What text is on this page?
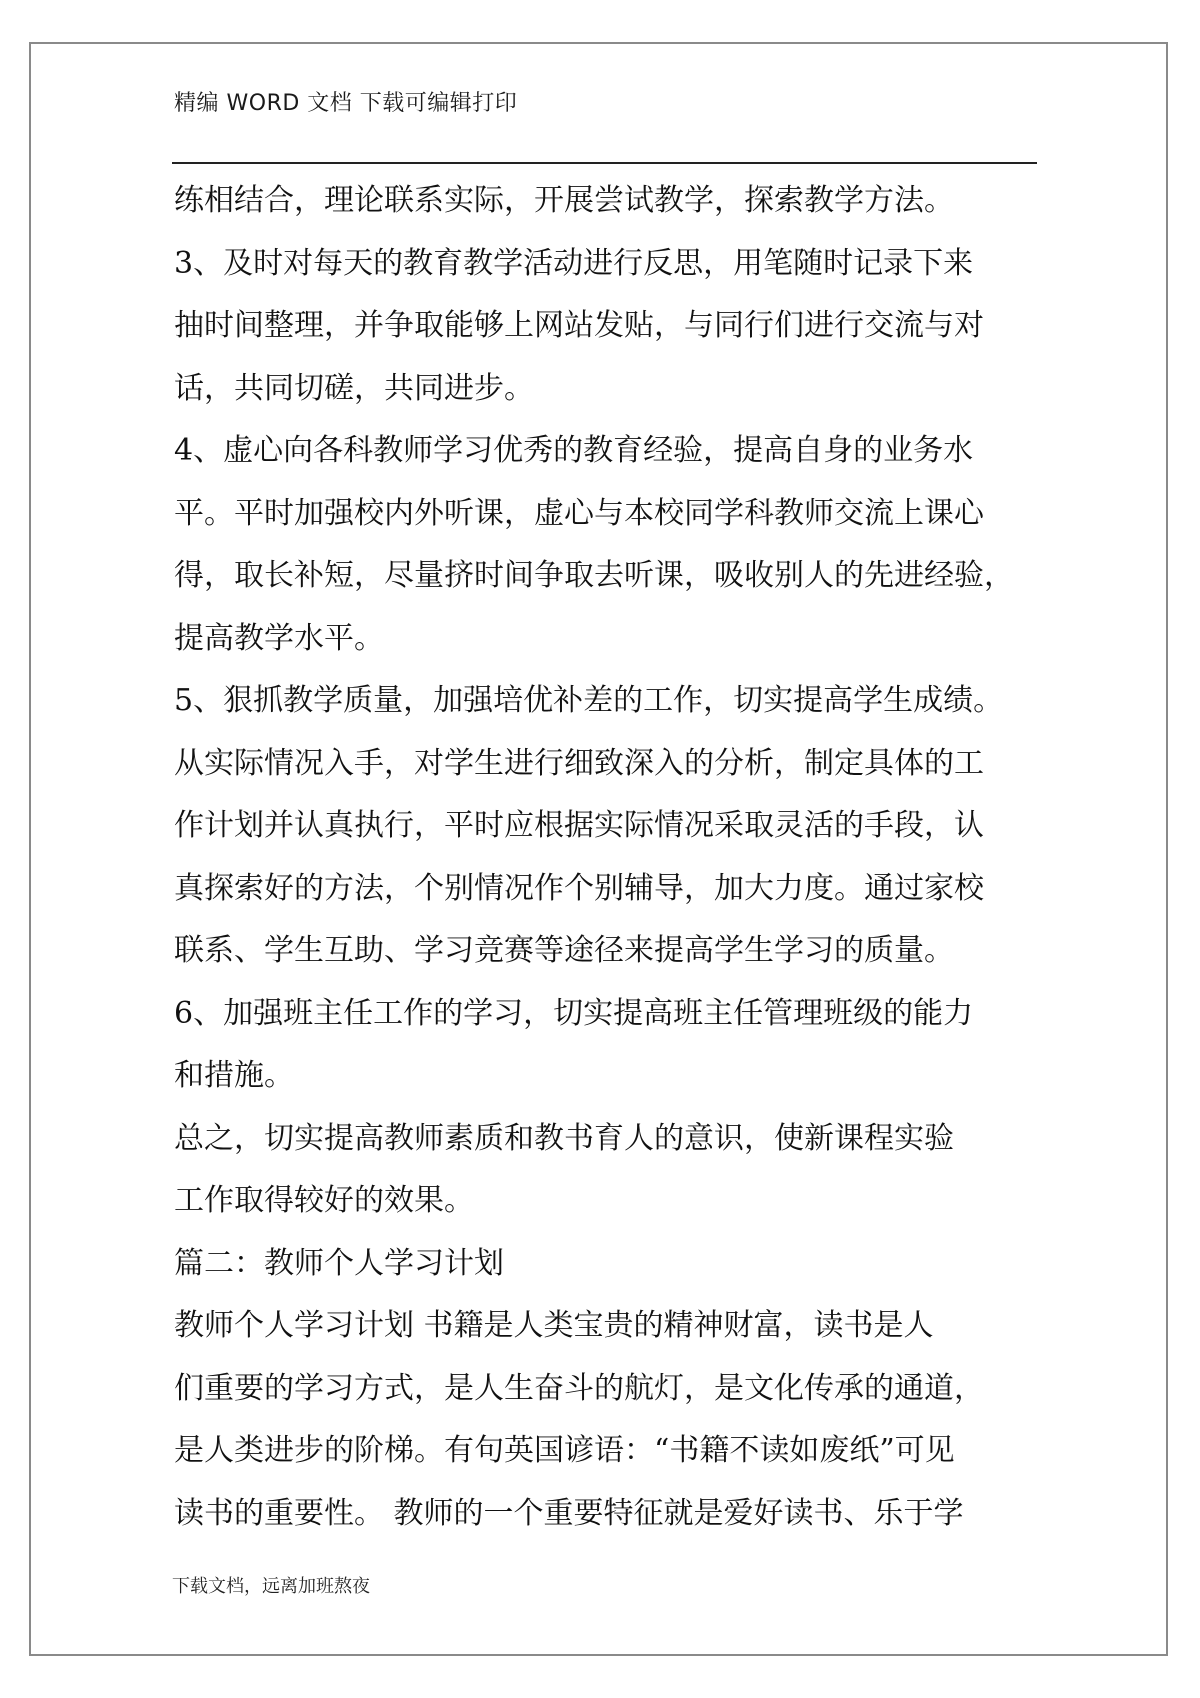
精编 WORD 文档 下载可编辑打印
练相结合，理论联系实际，开展尝试教学，探索教学方法。
3、及时对每天的教育教学活动进行反思，用笔随时记录下来
抽时间整理，并争取能够上网站发贴，与同行们进行交流与对
话，共同切磋，共同进步。
4、虚心向各科教师学习优秀的教育经验，提高自身的业务水
平。平时加强校内外听课，虚心与本校同学科教师交流上课心
得，取长补短，尽量挤时间争取去听课，吸收别人的先进经验，
提高教学水平。
5、狠抓教学质量，加强培优补差的工作，切实提高学生成绩。
从实际情况入手，对学生进行细致深入的分析，制定具体的工
作计划并认真执行，平时应根据实际情况采取灵活的手段，认
真探索好的方法，个别情况作个别辅导，加大力度。通过家校
联系、学生互助、学习竞赛等途径来提高学生学习的质量。
6、加强班主任工作的学习，切实提高班主任管理班级的能力
和措施。
总之，切实提高教师素质和教书育人的意识，使新课程实验
工作取得较好的效果。
篇二：教师个人学习计划
教师个人学习计划 书籍是人类宝贵的精神财富，读书是人
们重要的学习方式，是人生奋斗的航灯，是文化传承的通道，
是人类进步的阶梯。有句英国谚语：“书籍不读如废纸”可见
读书的重要性。 教师的一个重要特征就是爱好读书、乐于学
下载文档，远离加班熬夜
